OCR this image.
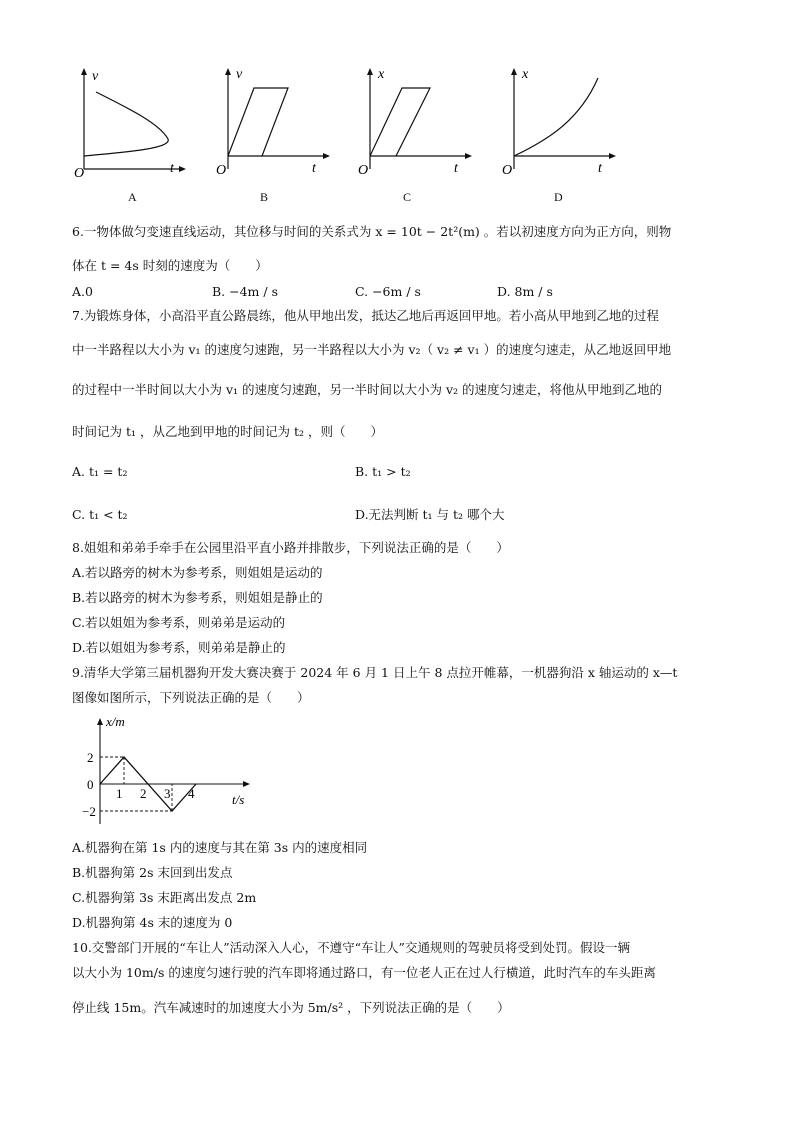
v
t
O
v
t
O
x
t
O
x
t
O
A	B	C	D
6.一物体做匀变速直线运动，其位移与时间的关系式为 x = 10t − 2t²(m) 。若以初速度方向为正方向，则物
体在 t = 4s 时刻的速度为（　　）
A.0	B. −4m / s	C. −6m / s	D. 8m / s
7.为锻炼身体，小高沿平直公路晨练，他从甲地出发，抵达乙地后再返回甲地。若小高从甲地到乙地的过程
中一半路程以大小为 v₁ 的速度匀速跑，另一半路程以大小为 v₂（ v₂ ≠ v₁ ）的速度匀速走，从乙地返回甲地
的过程中一半时间以大小为 v₁ 的速度匀速跑，另一半时间以大小为 v₂ 的速度匀速走，将他从甲地到乙地的
时间记为 t₁ ，从乙地到甲地的时间记为 t₂ ，则（　　）
A. t₁ = t₂	B. t₁ > t₂
C. t₁ < t₂	D.无法判断 t₁ 与 t₂ 哪个大
8.姐姐和弟弟手牵手在公园里沿平直小路并排散步，下列说法正确的是（　　）
A.若以路旁的树木为参考系，则姐姐是运动的
B.若以路旁的树木为参考系，则姐姐是静止的
C.若以姐姐为参考系，则弟弟是运动的
D.若以姐姐为参考系，则弟弟是静止的
9.清华大学第三届机器狗开发大赛决赛于 2024 年 6 月 1 日上午 8 点拉开帷幕，一机器狗沿 x 轴运动的 x—t
图像如图所示，下列说法正确的是（　　）
x/m
t/s
2
0
−2
1 2 3 4
A.机器狗在第 1s 内的速度与其在第 3s 内的速度相同
B.机器狗第 2s 末回到出发点
C.机器狗第 3s 末距离出发点 2m
D.机器狗第 4s 末的速度为 0
10.交警部门开展的“车让人”活动深入人心，不遵守“车让人”交通规则的驾驶员将受到处罚。假设一辆
以大小为 10m/s 的速度匀速行驶的汽车即将通过路口，有一位老人正在过人行横道，此时汽车的车头距离
停止线 15m。汽车减速时的加速度大小为 5m/s² ，下列说法正确的是（　　）
